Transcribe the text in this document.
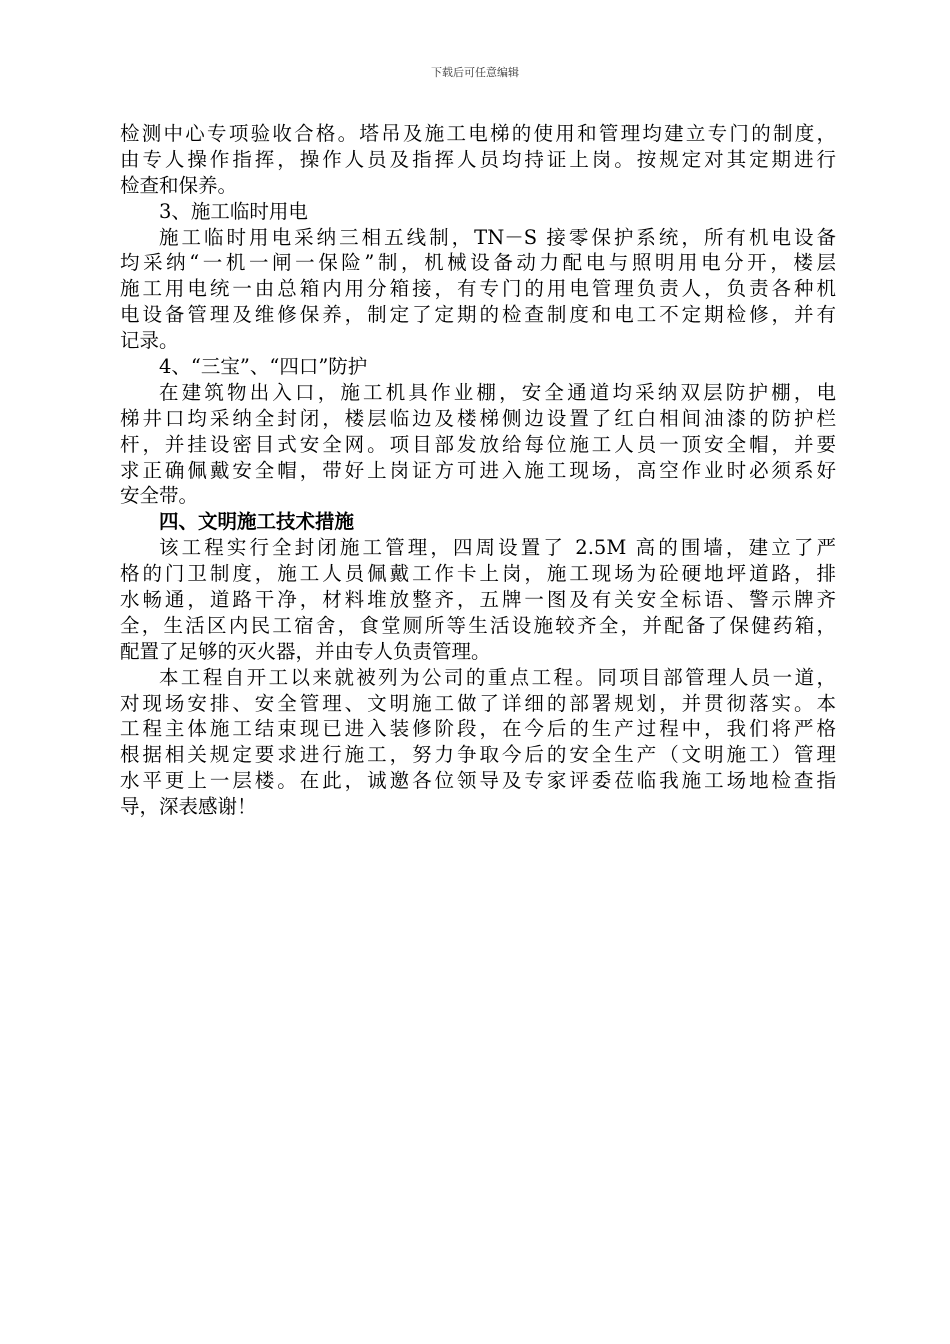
下载后可任意编辑
检测中心专项验收合格。塔吊及施工电梯的使用和管理均建立专门的制度，
由专人操作指挥，操作人员及指挥人员均持证上岗。按规定对其定期进行
检查和保养。
3、施工临时用电
施工临时用电采纳三相五线制，TN－S 接零保护系统，所有机电设备
均采纳“一机一闸一保险”制，机械设备动力配电与照明用电分开，楼层
施工用电统一由总箱内用分箱接，有专门的用电管理负责人，负责各种机
电设备管理及维修保养，制定了定期的检查制度和电工不定期检修，并有
记录。
4、“三宝”、“四口”防护
在建筑物出入口，施工机具作业棚，安全通道均采纳双层防护棚，电
梯井口均采纳全封闭，楼层临边及楼梯侧边设置了红白相间油漆的防护栏
杆，并挂设密目式安全网。项目部发放给每位施工人员一顶安全帽，并要
求正确佩戴安全帽，带好上岗证方可进入施工现场，高空作业时必须系好
安全带。
四、文明施工技术措施
该工程实行全封闭施工管理，四周设置了 2.5M 高的围墙，建立了严
格的门卫制度，施工人员佩戴工作卡上岗，施工现场为砼硬地坪道路，排
水畅通，道路干净，材料堆放整齐，五牌一图及有关安全标语、警示牌齐
全，生活区内民工宿舍，食堂厕所等生活设施较齐全，并配备了保健药箱，
配置了足够的灭火器，并由专人负责管理。
本工程自开工以来就被列为公司的重点工程。同项目部管理人员一道，
对现场安排、安全管理、文明施工做了详细的部署规划，并贯彻落实。本
工程主体施工结束现已进入装修阶段，在今后的生产过程中，我们将严格
根据相关规定要求进行施工，努力争取今后的安全生产（文明施工）管理
水平更上一层楼。在此，诚邀各位领导及专家评委莅临我施工场地检查指
导，深表感谢！
